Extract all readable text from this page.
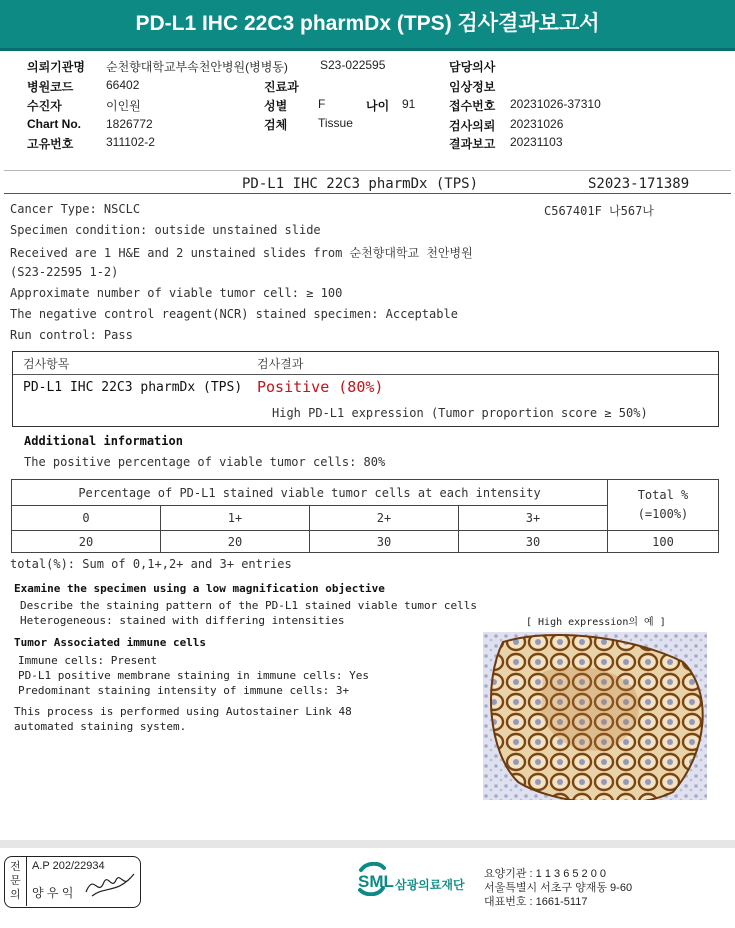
PD-L1 IHC 22C3 pharmDx (TPS) 검사결과보고서
의뢰기관명 순천향대학교부속천안병원(병병동)	S23-022595	담당의사
병원코드	66402	진료과	임상정보
수진자	이인원	성별	F	나이 91	접수번호 20231026-37310
Chart No. 1826772	검체	Tissue	검사의뢰 20231026
고유번호	311102-2	결과보고 20231103
PD-L1 IHC 22C3 pharmDx (TPS)	S2023-171389
Cancer Type: NSCLC	C567401F 나567나
Specimen condition: outside unstained slide
Received are 1 H&E and 2 unstained slides from 순천향대학교 천안병원
(S23-22595 1-2)
Approximate number of viable tumor cell: ≥ 100
The negative control reagent(NCR) stained specimen: Acceptable
Run control: Pass
검사항목	검사결과
PD-L1 IHC 22C3 pharmDx (TPS) Positive (80%)
High PD-L1 expression (Tumor proportion score ≥ 50%)
Additional information
The positive percentage of viable tumor cells: 80%
Percentage of PD-L1 stained viable tumor cells at each intensity				Total %
(=100%)
0	1+	2+	3+	
20	20	30	30	100
total(%): Sum of 0,1+,2+ and 3+ entries
Examine the specimen using a low magnification objective
Describe the staining pattern of the PD-L1 stained viable tumor cells
Heterogeneous: stained with differing intensities	[ High expression의 예 ]
Tumor Associated immune cells
Immune cells: Present
PD-L1 positive membrane staining in immune cells: Yes
Predominant staining intensity of immune cells: 3+
This process is performed using Autostainer Link 48
automated staining system.
전문의
A.P 202/22934
양 우 익
SML 삼광의료재단
요양기관 : 1 1 3 6 5 2 0 0
서울특별시 서초구 양재동 9-60
대표번호 : 1661-5117
